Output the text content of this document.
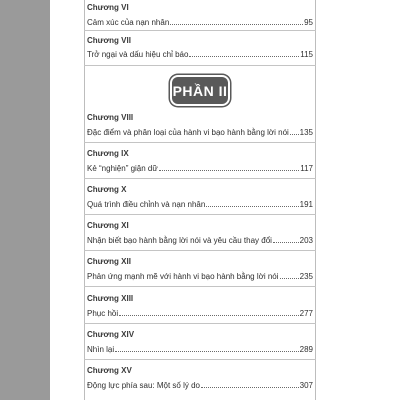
Chương VI
Cảm xúc của nạn nhân	95
Chương VII
Trở ngại và dấu hiệu chỉ báo	115
PHẦN II
Chương VIII
Đặc điểm và phân loại của hành vi bạo hành bằng lời nói 135
Chương IX
Kẻ “nghiện” giận dữ	117
Chương X
Quá trình điều chỉnh và nạn nhân	191
Chương XI
Nhận biết bạo hành bằng lời nói và yêu cầu thay đổi	203
Chương XII
Phản ứng mạnh mẽ với hành vi bạo hành bằng lời nói	235
Chương XIII
Phục hồi	277
Chương XIV
Nhìn lại	289
Chương XV
Động lực phía sau: Một số lý do	307
